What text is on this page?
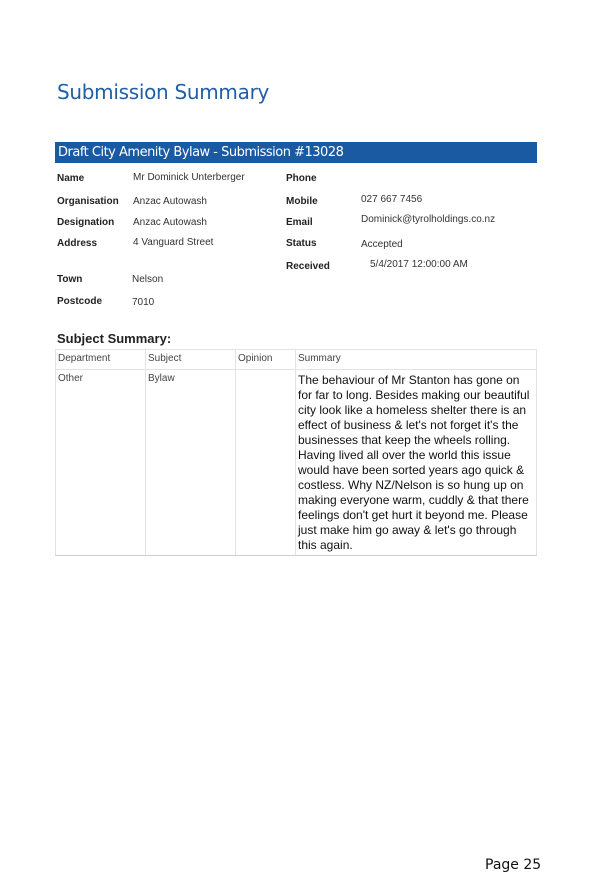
Submission Summary
Draft City Amenity Bylaw - Submission #13028
Name	Mr Dominick Unterberger
Organisation Anzac Autowash
Designation Anzac Autowash
Address	4 Vanguard Street
Town	Nelson
Postcode	7010
Phone
Mobile	027 667 7456
Email	Dominick@tyrolholdings.co.nz
Status	Accepted
Received	5/4/2017 12:00:00 AM
Subject Summary:
Department	Subject	Opinion	Summary
Other	Bylaw		The behaviour of Mr Stanton has gone on for far to long. Besides making our beautiful city look like a homeless shelter there is an effect of business & let's not forget it's the businesses that keep the wheels rolling.
Having lived all over the world this issue would have been sorted years ago quick & costless. Why NZ/Nelson is so hung up on making everyone warm, cuddly & that there feelings don't get hurt it beyond me. Please just make him go away & let's go through this again.
Page 25
